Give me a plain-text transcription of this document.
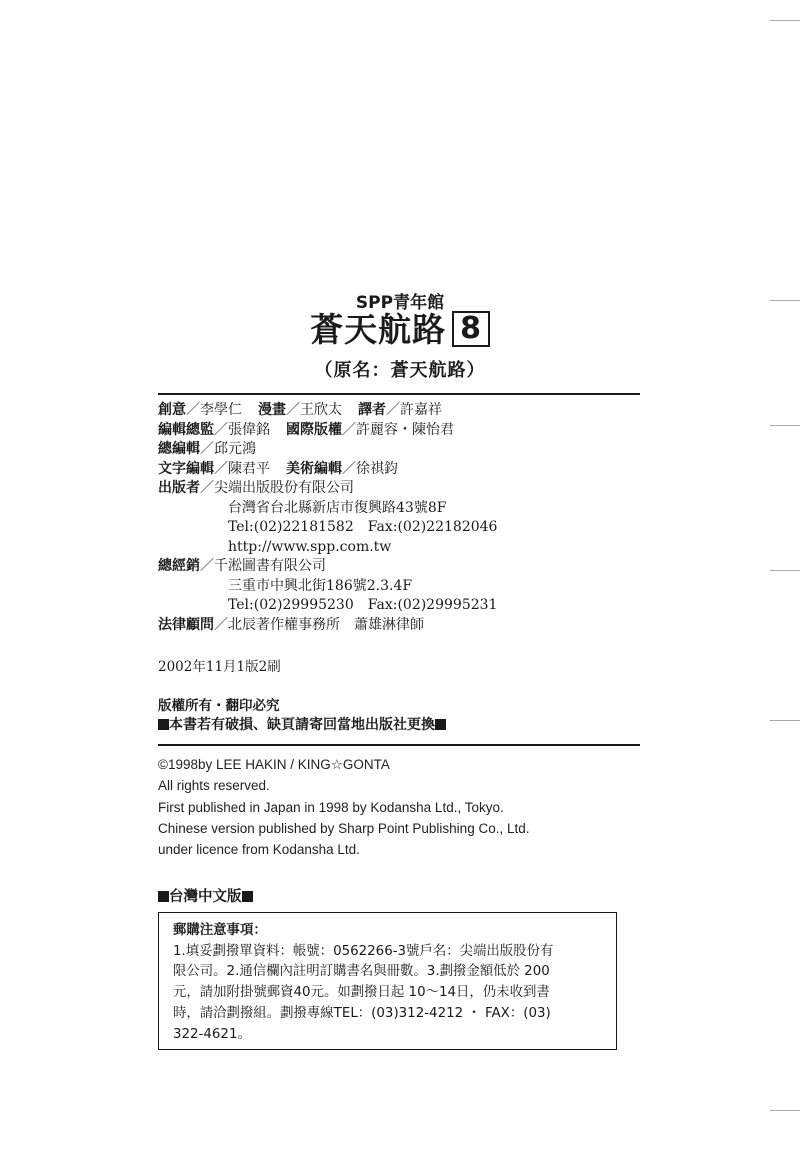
SPP青年館
蒼天航路 8
（原名：蒼天航路）
創意／李學仁 漫畫／王欣太 譯者／許嘉祥
編輯總監／張偉銘 國際版權／許麗容・陳怡君
總編輯／邱元鴻
文字編輯／陳君平 美術編輯／徐祺鈞
出版者／尖端出版股份有限公司
台灣省台北縣新店市復興路43號8F
Tel:(02)22181582　Fax:(02)22182046
http://www.spp.com.tw
總經銷／千淞圖書有限公司
三重市中興北街186號2.3.4F
Tel:(02)29995230　Fax:(02)29995231
法律顧問／北辰著作權事務所　蕭雄淋律師
2002年11月1版2刷
版權所有・翻印必究
本書若有破損、缺頁請寄回當地出版社更換
©1998by LEE HAKIN / KING☆GONTA
All rights reserved.
First published in Japan in 1998 by Kodansha Ltd., Tokyo.
Chinese version published by Sharp Point Publishing Co., Ltd.
under licence from Kodansha Ltd.
台灣中文版
郵購注意事項：
1.填妥劃撥單資料：帳號：0562266-3號戶名：尖端出版股份有
限公司。2.通信欄內註明訂購書名與冊數。3.劃撥金額低於 200
元，請加附掛號郵資40元。如劃撥日起 10～14日，仍未收到書
時，請洽劃撥組。劃撥專線TEL：(03)312-4212 ・ FAX：(03)
322-4621。
